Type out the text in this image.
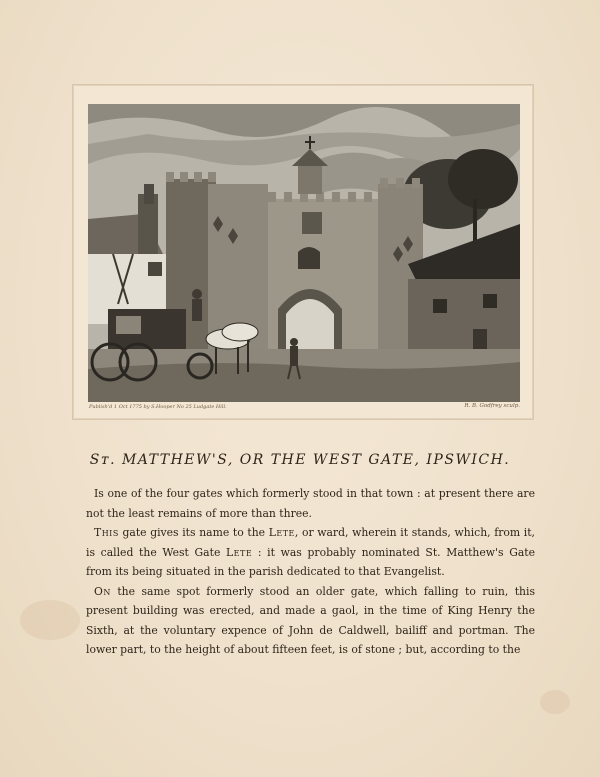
Publish'd 1 Oct 1775 by S.Hooper No 25 Ludgate Hill.	R. B. Godfrey sculp.
Sᴛ. MATTHEW'S, OR THE WEST GATE, IPSWICH.

Is one of the four gates which formerly stood in that town : at present there are not the least remains of more than three.

This gate gives its name to the Lete, or ward, wherein it stands, which, from it, is called the West Gate Lete : it was probably nominated St. Matthew's Gate from its being situated in the parish dedicated to that Evangelist.

On the same spot formerly stood an older gate, which falling to ruin, this present building was erected, and made a gaol, in the time of King Henry the Sixth, at the voluntary expence of John de Caldwell, bailiff and portman. The lower part, to the height of about fifteen feet, is of stone ; but, according to the
